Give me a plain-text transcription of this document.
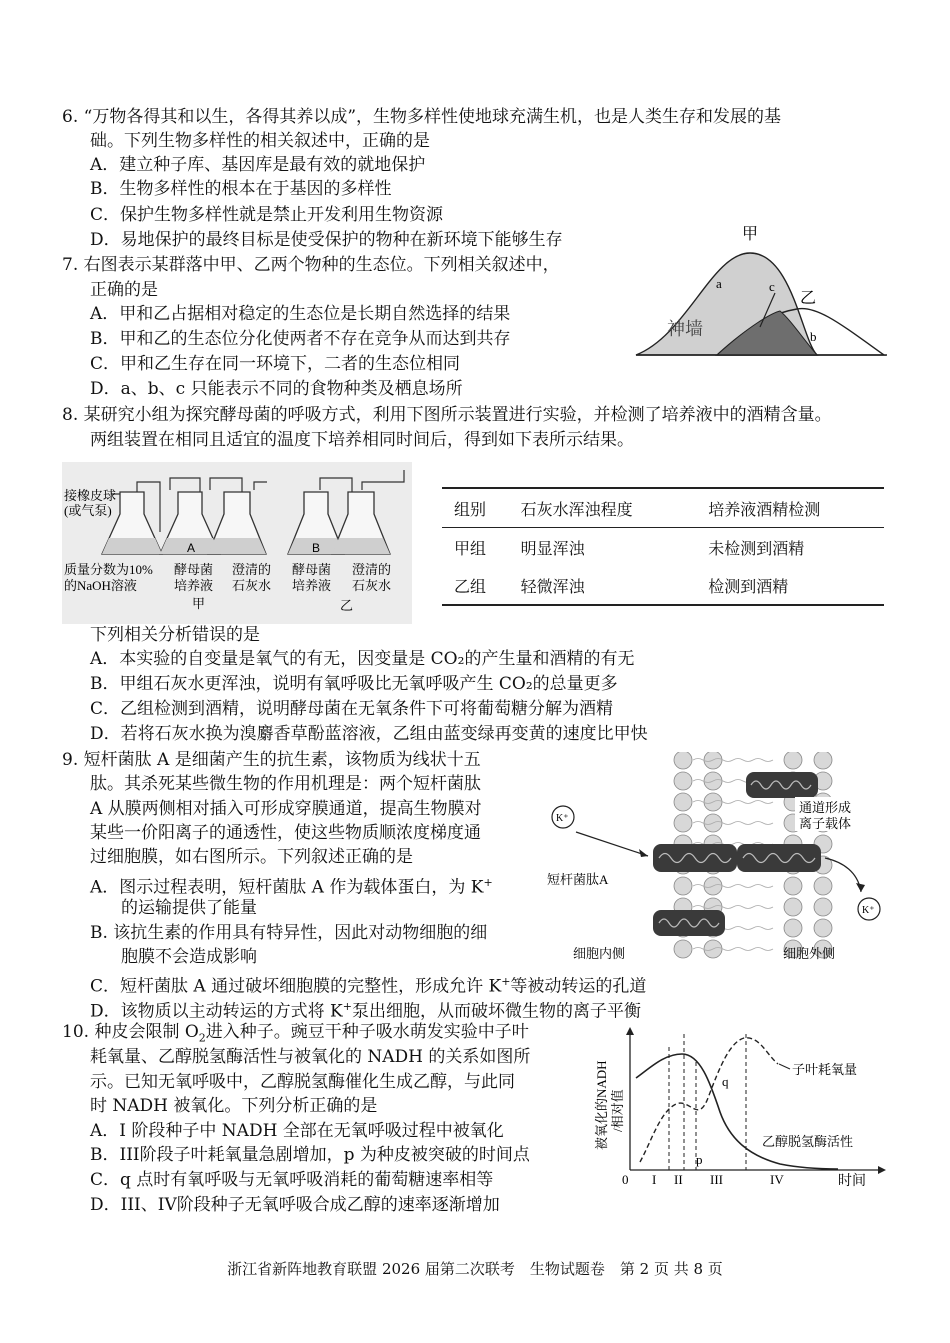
6. “万物各得其和以生，各得其养以成”，生物多样性使地球充满生机，也是人类生存和发展的基
础。下列生物多样性的相关叙述中，正确的是
A．建立种子库、基因库是最有效的就地保护
B．生物多样性的根本在于基因的多样性
C．保护生物多样性就是禁止开发利用生物资源
D．易地保护的最终目标是使受保护的物种在新环境下能够生存
7. 右图表示某群落中甲、乙两个物种的生态位。下列相关叙述中，
正确的是
A．甲和乙占据相对稳定的生态位是长期自然选择的结果
B．甲和乙的生态位分化使两者不存在竞争从而达到共存
C．甲和乙生存在同一环境下，二者的生态位相同
D．a、b、c 只能表示不同的食物种类及栖息场所
甲
乙
a
b
c
神墙
8. 某研究小组为探究酵母菌的呼吸方式，利用下图所示装置进行实验，并检测了培养液中的酒精含量。
两组装置在相同且适宜的温度下培养相同时间后，得到如下表所示结果。
A	B
接橡皮球
(或气泵)
质量分数为10%
的NaOH溶液
酵母菌
培养液
甲
澄清的
石灰水
酵母菌
培养液
澄清的
石灰水
乙
组别	石灰水浑浊程度	培养液酒精检测
甲组	明显浑浊	未检测到酒精
乙组	轻微浑浊	检测到酒精
下列相关分析错误的是
A．本实验的自变量是氧气的有无，因变量是 CO₂的产生量和酒精的有无
B．甲组石灰水更浑浊，说明有氧呼吸比无氧呼吸产生 CO₂的总量更多
C．乙组检测到酒精，说明酵母菌在无氧条件下可将葡萄糖分解为酒精
D．若将石灰水换为溴麝香草酚蓝溶液，乙组由蓝变绿再变黄的速度比甲快
9. 短杆菌肽 A 是细菌产生的抗生素，该物质为线状十五
肽。其杀死某些微生物的作用机理是：两个短杆菌肽
A 从膜两侧相对插入可形成穿膜通道，提高生物膜对
某些一价阳离子的通透性，使这些物质顺浓度梯度通
过细胞膜，如右图所示。下列叙述正确的是
A．图示过程表明，短杆菌肽 A 作为载体蛋白，为 K+
的运输提供了能量
B. 该抗生素的作用具有特异性，因此对动物细胞的细
胞膜不会造成影响
C．短杆菌肽 A 通过破坏细胞膜的完整性，形成允许 K+等被动转运的孔道
D．该物质以主动转运的方式将 K+泵出细胞，从而破坏微生物的离子平衡
K⁺
K⁺
通道形成
离子载体
短杆菌肽A
细胞内侧	细胞外侧
10. 种皮会限制 $O_2$进入种子。豌豆干种子吸水萌发实验中子叶
耗氧量、乙醇脱氢酶活性与被氧化的 NADH 的关系如图所
示。已知无氧呼吸中，乙醇脱氢酶催化生成乙醇，与此同
时 NADH 被氧化。下列分析正确的是
A．I 阶段种子中 NADH 全部在无氧呼吸过程中被氧化
B．III阶段子叶耗氧量急剧增加，p 为种皮被突破的时间点
C．q 点时有氧呼吸与无氧呼吸消耗的葡萄糖速率相等
D．III、IV阶段种子无氧呼吸合成乙醇的速率逐渐增加
0 I II III	IV
p
q
时间
子叶耗氧量
乙醇脱氢酶活性
被氧化的NADH /相对值
浙江省新阵地教育联盟 2026 届第二次联考　生物试题卷　第 2 页 共 8 页
